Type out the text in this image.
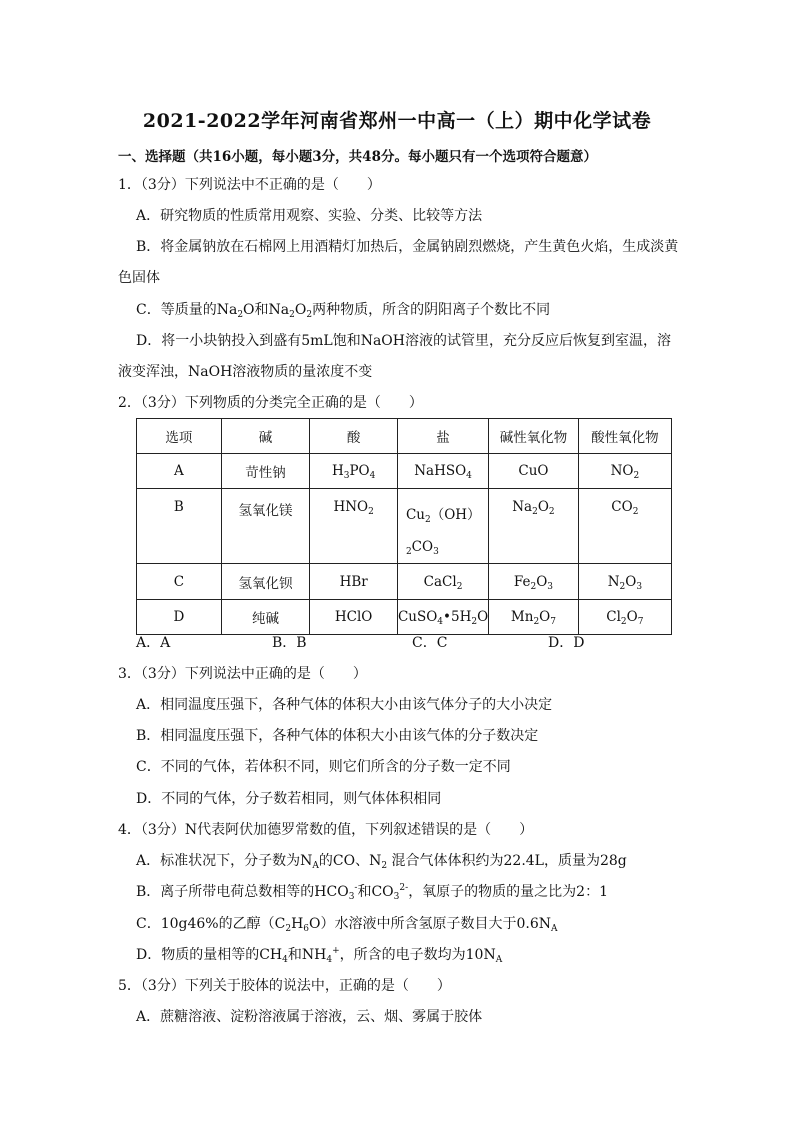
2021-2022学年河南省郑州一中高一（上）期中化学试卷
一、选择题（共16小题，每小题3分，共48分。每小题只有一个选项符合题意）
1．（3分）下列说法中不正确的是（　　）
A．研究物质的性质常用观察、实验、分类、比较等方法
B．将金属钠放在石棉网上用酒精灯加热后，金属钠剧烈燃烧，产生黄色火焰，生成淡黄
色固体
C．等质量的$Na_2O$和$Na_2O_2$两种物质，所含的阴阳离子个数比不同
D．将一小块钠投入到盛有5mL饱和NaOH溶液的试管里，充分反应后恢复到室温，溶
液变浑浊，NaOH溶液物质的量浓度不变
2．（3分）下列物质的分类完全正确的是（　　）
选项	碱	酸	盐	碱性氧化物	酸性氧化物
A	苛性钠	$H_3PO_4$	NaHSO$_4$	CuO	$NO_2$
B	氢氧化镁	$HNO_2$	$Cu_2(OH)$
$_2CO_3$	$Na_2O_2$	$CO_2$
C	氢氧化钡	HBr	CaCl$_2$	$Fe_2O_3$	$N_2O_3$
D	纯碱	HClO	$CuSO_4•5H_2O$	$Mn_2O_7$	$Cl_2O_7$
A．A	B．B	C．C	D．D
3．（3分）下列说法中正确的是（　　）
A．相同温度压强下，各种气体的体积大小由该气体分子的大小决定
B．相同温度压强下，各种气体的体积大小由该气体的分子数决定
C．不同的气体，若体积不同，则它们所含的分子数一定不同
D．不同的气体，分子数若相同，则气体体积相同
4．（3分）N代表阿伏加德罗常数的值，下列叙述错误的是（　　）
A．标准状况下，分子数为$N_A$的CO、$N_2$ 混合气体体积约为22.4L，质量为28g
B．离子所带电荷总数相等的$HCO_3^-$和$CO_3^{2-}$，氧原子的物质的量之比为2：1
C．10g46%的乙醇$(C_2H_6O)$水溶液中所含氢原子数目大于$0.6N_A$
D．物质的量相等的$CH_4$和$NH_4^+$，所含的电子数均为$10N_A$
5．（3分）下列关于胶体的说法中，正确的是（　　）
A．蔗糖溶液、淀粉溶液属于溶液，云、烟、雾属于胶体
